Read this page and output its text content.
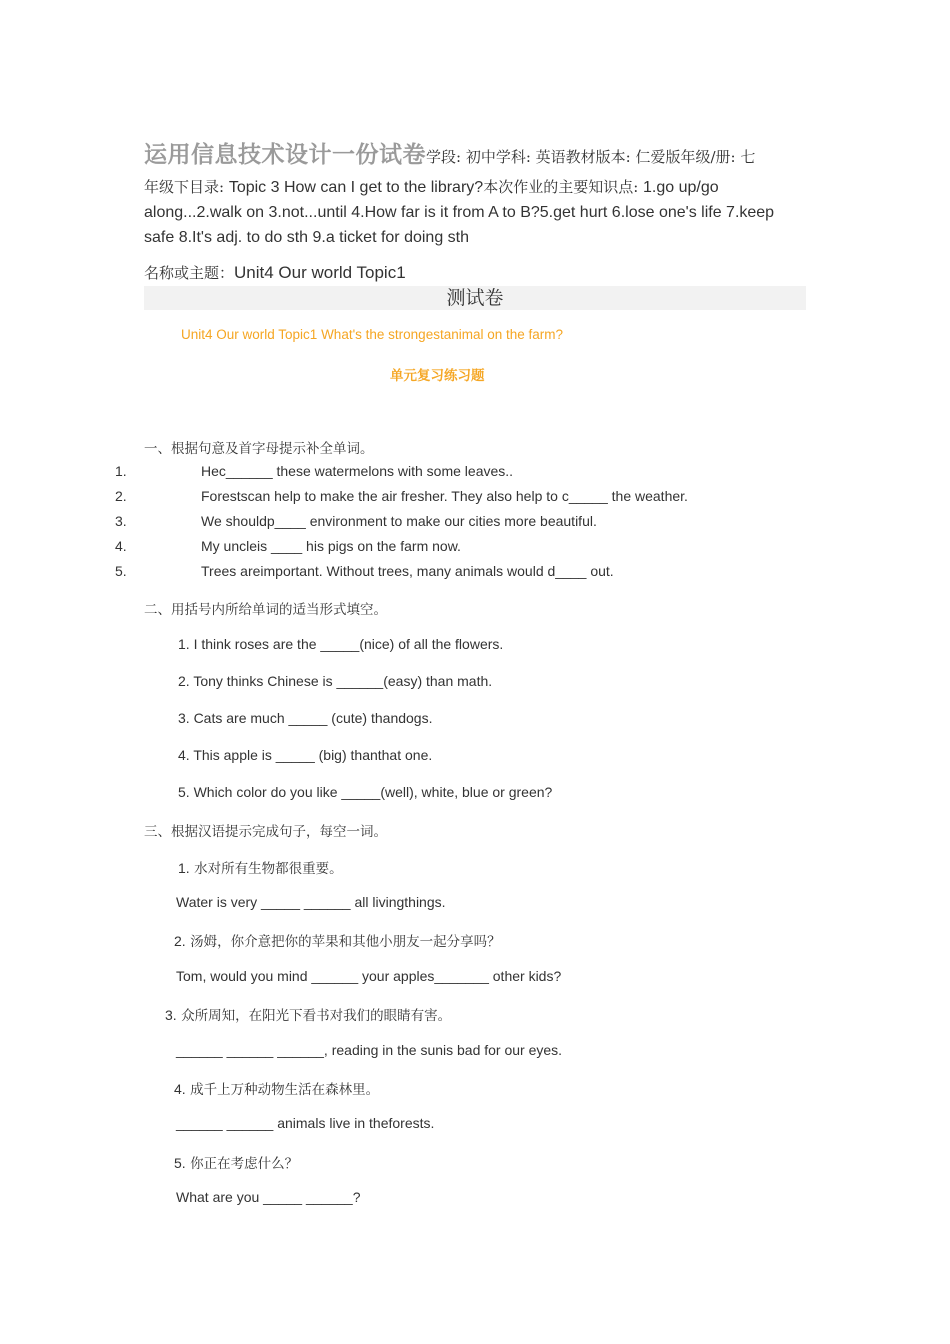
运用信息技术设计一份试卷学段: 初中学科: 英语教材版本: 仁爱版年级/册: 七
年级下目录: Topic 3 How can I get to the library?本次作业的主要知识点: 1.go up/go
along...2.walk on 3.not...until 4.How far is it from A to B?5.get hurt 6.lose one's life 7.keep
safe 8.It's adj. to do sth 9.a ticket for doing sth
名称或主题：Unit4 Our world Topic1
测试卷
Unit4 Our world Topic1 What's the strongestanimal on the farm?
单元复习练习题
一、根据句意及首字母提示补全单词。
1.	Hec______ these watermelons with some leaves..
2.	Forestscan help to make the air fresher. They also help to c_____ the weather.
3.	We shouldp____ environment to make our cities more beautiful.
4.	My uncleis ____ his pigs on the farm now.
5.	Trees areimportant. Without trees, many animals would d____ out.
二、用括号内所给单词的适当形式填空。
1. I think roses are the _____(nice) of all the flowers.
2. Tony thinks Chinese is ______(easy) than math.
3. Cats are much _____ (cute) thandogs.
4. This apple is _____ (big) thanthat one.
5. Which color do you like _____(well), white, blue or green?
三、根据汉语提示完成句子，每空一词。
1. 水对所有生物都很重要。
Water is very _____ ______ all livingthings.
2. 汤姆，你介意把你的苹果和其他小朋友一起分享吗？
Tom, would you mind ______ your apples_______ other kids?
3. 众所周知，在阳光下看书对我们的眼睛有害。
______ ______ ______, reading in the sunis bad for our eyes.
4. 成千上万种动物生活在森林里。
______ ______ animals live in theforests.
5. 你正在考虑什么？
What are you _____ ______?
